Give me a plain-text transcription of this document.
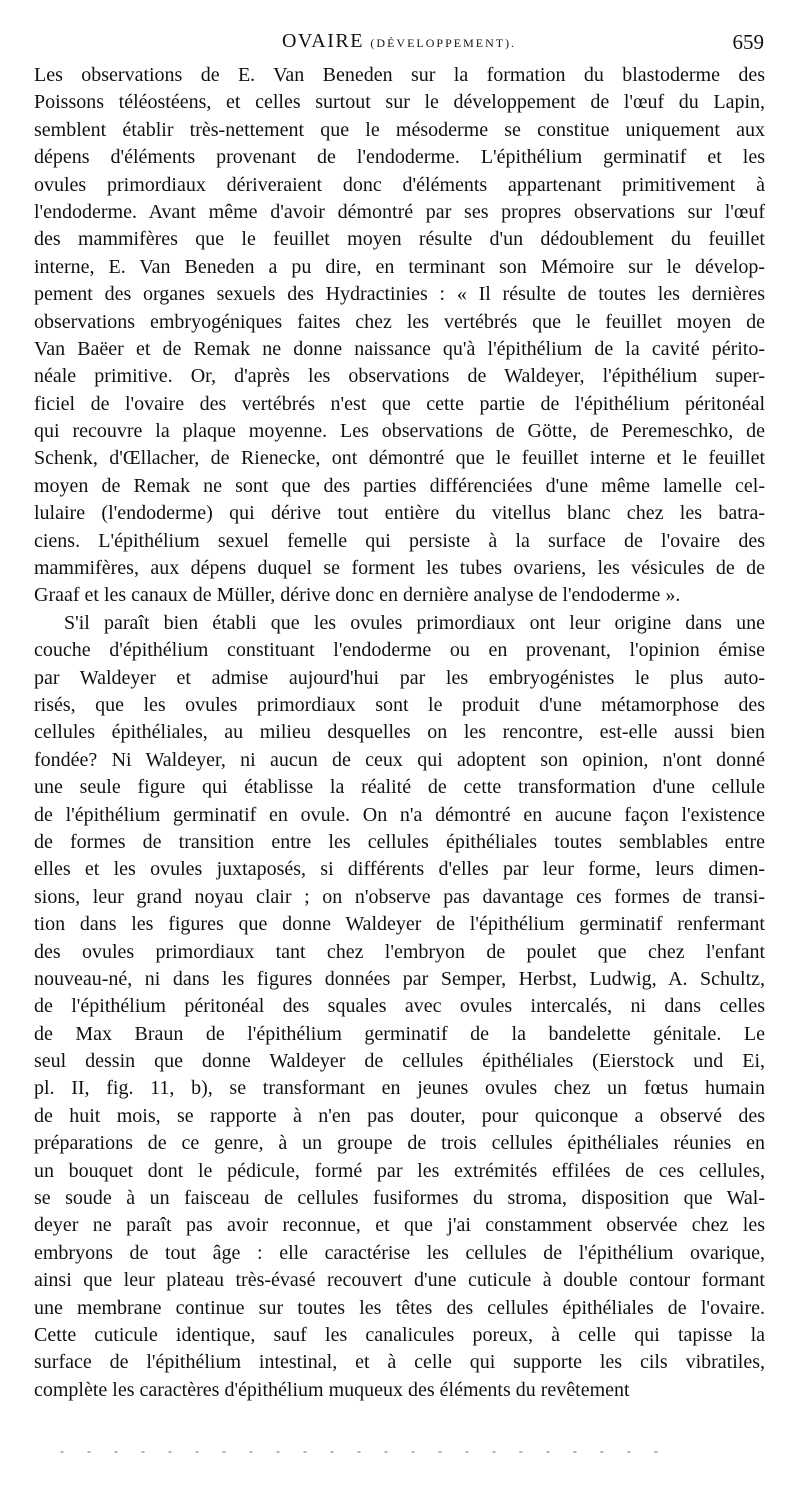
OVAIRE (DÉVELOPPEMENT).	659
Les observations de E. Van Beneden sur la formation du blastoderme des
Poissons téléostéens, et celles surtout sur le développement de l'œuf du Lapin,
semblent établir très-nettement que le mésoderme se constitue uniquement aux
dépens d'éléments provenant de l'endoderme. L'épithélium germinatif et les
ovules primordiaux dériveraient donc d'éléments appartenant primitivement à
l'endoderme. Avant même d'avoir démontré par ses propres observations sur l'œuf
des mammifères que le feuillet moyen résulte d'un dédoublement du feuillet
interne, E. Van Beneden a pu dire, en terminant son Mémoire sur le dévelop-
pement des organes sexuels des Hydractinies : « Il résulte de toutes les dernières
observations embryogéniques faites chez les vertébrés que le feuillet moyen de
Van Baëer et de Remak ne donne naissance qu'à l'épithélium de la cavité périto-
néale primitive. Or, d'après les observations de Waldeyer, l'épithélium super-
ficiel de l'ovaire des vertébrés n'est que cette partie de l'épithélium péritonéal
qui recouvre la plaque moyenne. Les observations de Götte, de Peremeschko, de
Schenk, d'Œllacher, de Rienecke, ont démontré que le feuillet interne et le feuillet
moyen de Remak ne sont que des parties différenciées d'une même lamelle cel-
lulaire (l'endoderme) qui dérive tout entière du vitellus blanc chez les batra-
ciens. L'épithélium sexuel femelle qui persiste à la surface de l'ovaire des
mammifères, aux dépens duquel se forment les tubes ovariens, les vésicules de de
Graaf et les canaux de Müller, dérive donc en dernière analyse de l'endoderme ».
S'il paraît bien établi que les ovules primordiaux ont leur origine dans une
couche d'épithélium constituant l'endoderme ou en provenant, l'opinion émise
par Waldeyer et admise aujourd'hui par les embryogénistes le plus auto-
risés, que les ovules primordiaux sont le produit d'une métamorphose des
cellules épithéliales, au milieu desquelles on les rencontre, est-elle aussi bien
fondée? Ni Waldeyer, ni aucun de ceux qui adoptent son opinion, n'ont donné
une seule figure qui établisse la réalité de cette transformation d'une cellule
de l'épithélium germinatif en ovule. On n'a démontré en aucune façon l'existence
de formes de transition entre les cellules épithéliales toutes semblables entre
elles et les ovules juxtaposés, si différents d'elles par leur forme, leurs dimen-
sions, leur grand noyau clair ; on n'observe pas davantage ces formes de transi-
tion dans les figures que donne Waldeyer de l'épithélium germinatif renfermant
des ovules primordiaux tant chez l'embryon de poulet que chez l'enfant
nouveau-né, ni dans les figures données par Semper, Herbst, Ludwig, A. Schultz,
de l'épithélium péritonéal des squales avec ovules intercalés, ni dans celles
de Max Braun de l'épithélium germinatif de la bandelette génitale. Le
seul dessin que donne Waldeyer de cellules épithéliales (Eierstock und Ei,
pl. II, fig. 11, b), se transformant en jeunes ovules chez un fœtus humain
de huit mois, se rapporte à n'en pas douter, pour quiconque a observé des
préparations de ce genre, à un groupe de trois cellules épithéliales réunies en
un bouquet dont le pédicule, formé par les extrémités effilées de ces cellules,
se soude à un faisceau de cellules fusiformes du stroma, disposition que Wal-
deyer ne paraît pas avoir reconnue, et que j'ai constamment observée chez les
embryons de tout âge : elle caractérise les cellules de l'épithélium ovarique,
ainsi que leur plateau très-évasé recouvert d'une cuticule à double contour formant
une membrane continue sur toutes les têtes des cellules épithéliales de l'ovaire.
Cette cuticule identique, sauf les canalicules poreux, à celle qui tapisse la
surface de l'épithélium intestinal, et à celle qui supporte les cils vibratiles,
complète les caractères d'épithélium muqueux des éléments du revêtement
- - - - - - - - - - - - - - - - - - - - - - -
